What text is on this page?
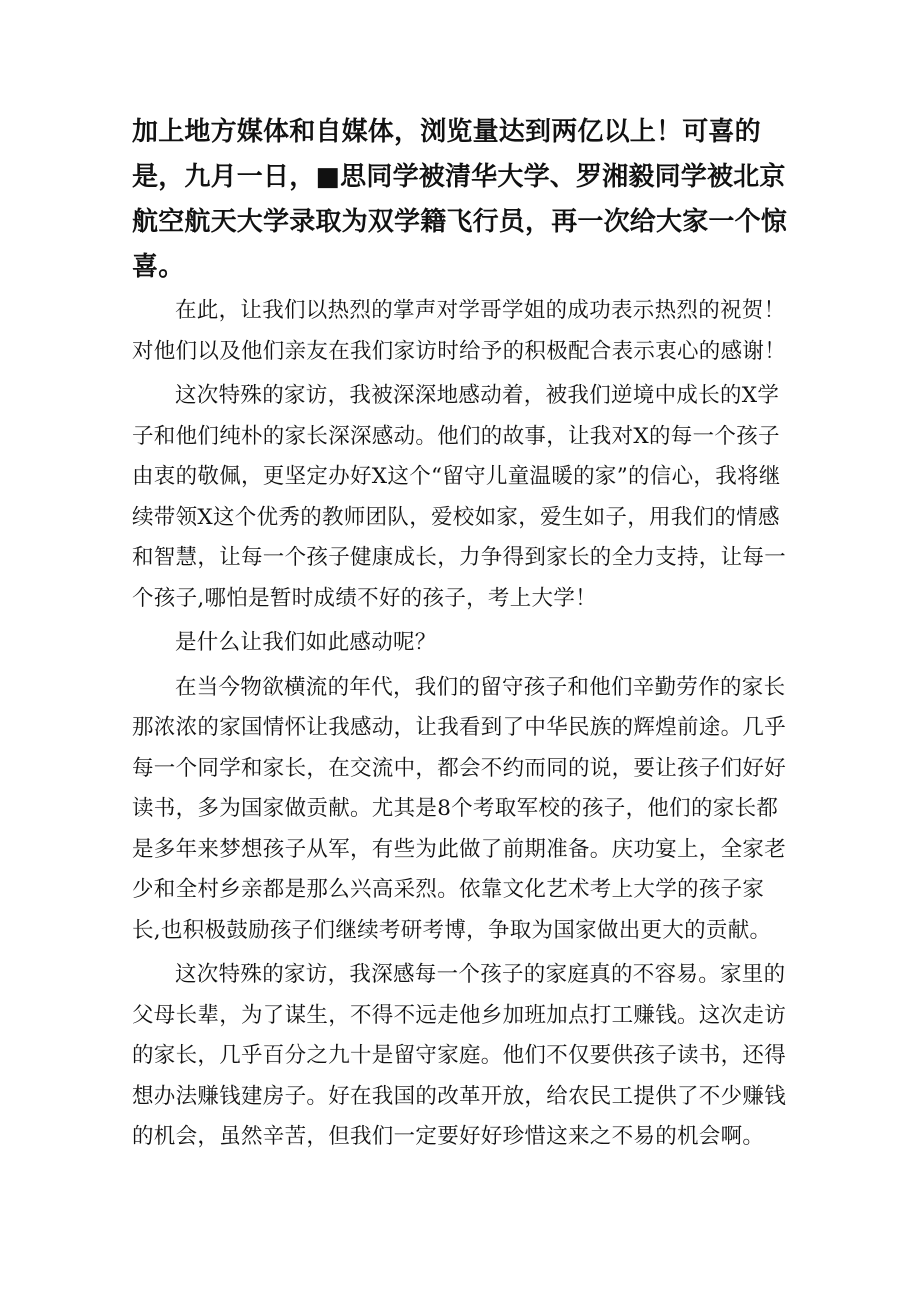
加上地方媒体和自媒体，浏览量达到两亿以上！可喜的是，九月一日，■思同学被清华大学、罗湘毅同学被北京航空航天大学录取为双学籍飞行员，再一次给大家一个惊喜。

在此，让我们以热烈的掌声对学哥学姐的成功表示热烈的祝贺！对他们以及他们亲友在我们家访时给予的积极配合表示衷心的感谢！

这次特殊的家访，我被深深地感动着，被我们逆境中成长的X学子和他们纯朴的家长深深感动。他们的故事，让我对X的每一个孩子由衷的敬佩，更坚定办好X这个“留守儿童温暖的家”的信心，我将继续带领X这个优秀的教师团队，爱校如家，爱生如子，用我们的情感和智慧，让每一个孩子健康成长，力争得到家长的全力支持，让每一个孩子,哪怕是暂时成绩不好的孩子，考上大学！

是什么让我们如此感动呢？

在当今物欲横流的年代，我们的留守孩子和他们辛勤劳作的家长那浓浓的家国情怀让我感动，让我看到了中华民族的辉煌前途。几乎每一个同学和家长，在交流中，都会不约而同的说，要让孩子们好好读书，多为国家做贡献。尤其是8个考取军校的孩子，他们的家长都是多年来梦想孩子从军，有些为此做了前期准备。庆功宴上，全家老少和全村乡亲都是那么兴高采烈。依靠文化艺术考上大学的孩子家长,也积极鼓励孩子们继续考研考博，争取为国家做出更大的贡献。

这次特殊的家访，我深感每一个孩子的家庭真的不容易。家里的父母长辈，为了谋生，不得不远走他乡加班加点打工赚钱。这次走访的家长，几乎百分之九十是留守家庭。他们不仅要供孩子读书，还得想办法赚钱建房子。好在我国的改革开放，给农民工提供了不少赚钱的机会，虽然辛苦，但我们一定要好好珍惜这来之不易的机会啊。
